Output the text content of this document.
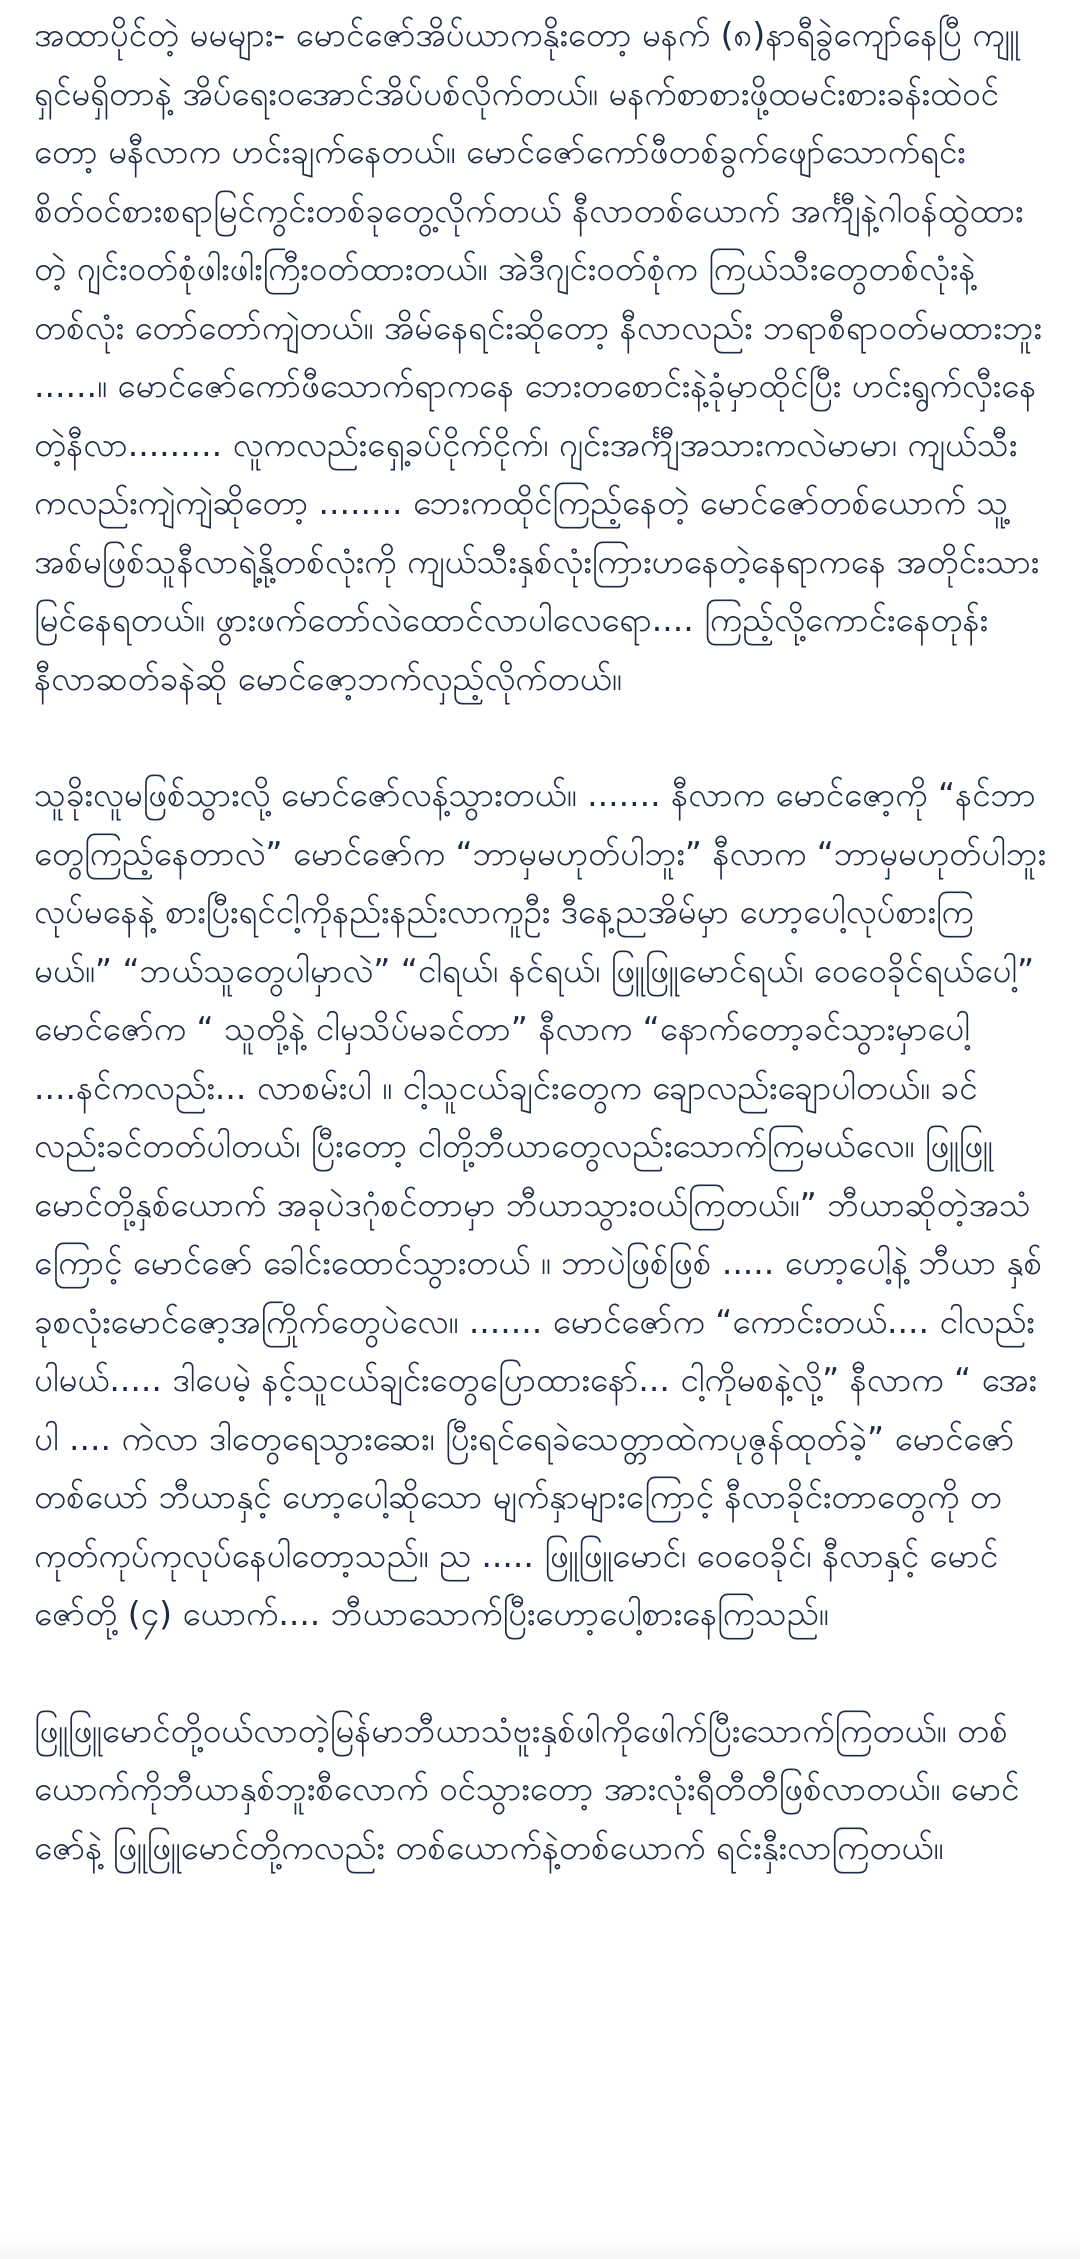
အထာပိုင်တဲ့ မမများ- မောင်ဇော်အိပ်ယာကနိုးတော့ မနက် (၈)နာရီခွဲကျော်နေပြီ ကျူရှင်မရှိတာနဲ့ အိပ်ရေးဝအောင်အိပ်ပစ်လိုက်တယ်။ မနက်စာစားဖို့ထမင်းစားခန်းထဲဝင်တော့ မနီလာက ဟင်းချက်နေတယ်။ မောင်ဇော်ကော်ဖီတစ်ခွက်ဖျော်သောက်ရင်း စိတ်ဝင်စားစရာမြင်ကွင်းတစ်ခုတွေ့လိုက်တယ် နီလာတစ်ယောက် အင်္ကျီနဲ့ဂါဝန်ထွဲထားတဲ့ ဂျင်းဝတ်စုံဖါးဖါးကြီးဝတ်ထားတယ်။ အဲဒီဂျင်းဝတ်စုံက ကြယ်သီးတွေတစ်လုံးနဲ့တစ်လုံး တော်တော်ကျဲတယ်။ အိမ်နေရင်းဆိုတော့ နီလာလည်း ဘရာစီရာဝတ်မထားဘူး ......။ မောင်ဇော်ကော်ဖီသောက်ရာကနေ ဘေးတစောင်းနဲ့ခုံမှာထိုင်ပြီး ဟင်းရွက်လှီးနေတဲ့နီလာ......... လူကလည်းရှေ့ခပ်ငိုက်ငိုက်၊ ဂျင်းအင်္ကျီအသားကလဲမာမာ၊ ကျယ်သီးကလည်းကျဲကျဲဆိုတော့ ........ ဘေးကထိုင်ကြည့်နေတဲ့ မောင်ဇော်တစ်ယောက် သူ့အစ်မဖြစ်သူနီလာရဲ့နို့တစ်လုံးကို ကျယ်သီးနှစ်လုံးကြားဟနေတဲ့နေရာကနေ အတိုင်းသားမြင်နေရတယ်။ ဖွားဖက်တော်လဲထောင်လာပါလေရော.... ကြည့်လို့ကောင်းနေတုန်း နီလာဆတ်ခနဲဆို မောင်ဇော့ဘက်လှည့်လိုက်တယ်။

သူခိုးလူမဖြစ်သွားလို့ မောင်ဇော်လန့်သွားတယ်။ ....... နီလာက မောင်ဇော့ကို “နင်ဘာတွေကြည့်နေတာလဲ” မောင်ဇော်က “ဘာမှမဟုတ်ပါဘူး” နီလာက “ဘာမှမဟုတ်ပါဘူးလုပ်မနေနဲ့ စားပြီးရင်ငါ့ကိုနည်းနည်းလာကူဦး ဒီနေ့ညအိမ်မှာ ဟော့ပေါ့လုပ်စားကြမယ်။” “ဘယ်သူတွေပါမှာလဲ” “ငါရယ်၊ နင်ရယ်၊ ဖြူဖြူမောင်ရယ်၊ ဝေဝေခိုင်ရယ်ပေါ့” မောင်ဇော်က “ သူတို့နဲ့ ငါမှသိပ်မခင်တာ” နီလာက “နောက်တော့ခင်သွားမှာပေါ့ ....နင်ကလည်း... လာစမ်းပါ ။ ငါ့သူငယ်ချင်းတွေက ချောလည်းချောပါတယ်။ ခင်လည်းခင်တတ်ပါတယ်၊ ပြီးတော့ ငါတို့ဘီယာတွေလည်းသောက်ကြမယ်လေ။ ဖြူဖြူမောင်တို့နှစ်ယောက် အခုပဲဒဂုံစင်တာမှာ ဘီယာသွားဝယ်ကြတယ်။” ဘီယာဆိုတဲ့အသံကြောင့် မောင်ဇော် ခေါင်းထောင်သွားတယ် ။ ဘာပဲဖြစ်ဖြစ် ..... ဟော့ပေါ့နဲ့ ဘီယာ နှစ်ခုစလုံးမောင်ဇော့အကြိုက်တွေပဲလေ။ ....... မောင်ဇော်က “ကောင်းတယ်.... ငါလည်းပါမယ်..... ဒါပေမဲ့ နင့်သူငယ်ချင်းတွေပြောထားနော်... ငါ့ကိုမစနဲ့လို့” နီလာက “ အေးပါ .... ကဲလာ ဒါတွေရေသွားဆေး၊ ပြီးရင်ရေခဲသေတ္တာထဲကပုဇွန်ထုတ်ခဲ့” မောင်ဇော်တစ်ယော် ဘီယာနှင့် ဟော့ပေါ့ဆိုသော မျက်နှာများကြောင့် နီလာခိုင်းတာတွေကို တကုတ်ကုပ်ကုလုပ်နေပါတော့သည်။ ည ..... ဖြူဖြူမောင်၊ ဝေဝေခိုင်၊ နီလာနှင့် မောင်ဇော်တို့ (၄) ယောက်.... ဘီယာသောက်ပြီးဟော့ပေါ့စားနေကြသည်။

ဖြူဖြူမောင်တို့ဝယ်လာတဲ့မြန်မာဘီယာသံဗူးနှစ်ဖါကိုဖေါက်ပြီးသောက်ကြတယ်။ တစ်ယောက်ကိုဘီယာနှစ်ဘူးစီလောက် ဝင်သွားတော့ အားလုံးရီတီတီဖြစ်လာတယ်။ မောင်ဇော်နဲ့ ဖြူဖြူမောင်တို့ကလည်း တစ်ယောက်နဲ့တစ်ယောက် ရင်းနှီးလာကြတယ်။
